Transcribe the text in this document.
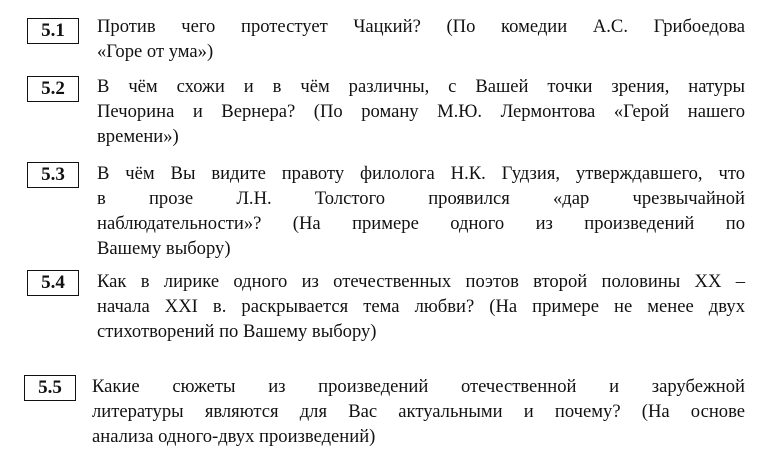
5.1	Против чего протестует Чацкий? (По комедии А.С. Грибоедова
«Горе от ума»)
5.2	В чём схожи и в чём различны, с Вашей точки зрения, натуры
Печорина и Вернера? (По роману М.Ю. Лермонтова «Герой нашего
времени»)
5.3	В чём Вы видите правоту филолога Н.К. Гудзия, утверждавшего, что
в прозе Л.Н. Толстого проявился «дар чрезвычайной
наблюдательности»? (На примере одного из произведений по
Вашему выбору)
5.4	Как в лирике одного из отечественных поэтов второй половины XX –
начала XXI в. раскрывается тема любви? (На примере не менее двух
стихотворений по Вашему выбору)
5.5	Какие сюжеты из произведений отечественной и зарубежной
литературы являются для Вас актуальными и почему? (На основе
анализа одного-двух произведений)
